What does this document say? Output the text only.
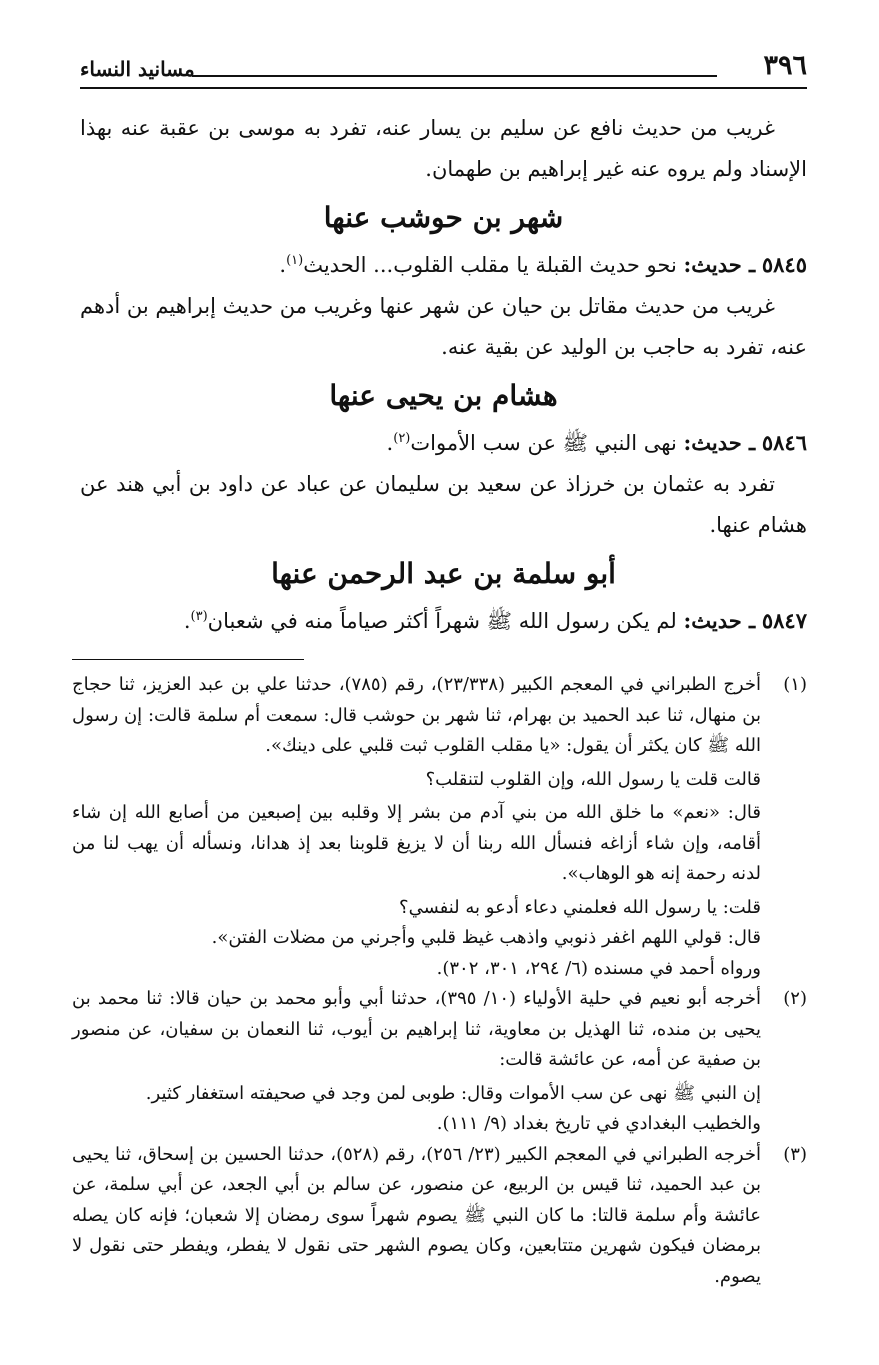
٣٩٦
مسانيد النساء

غريب من حديث نافع عن سليم بن يسار عنه، تفرد به موسى بن عقبة عنه بهذا الإسناد ولم يروه عنه غير إبراهيم بن طهمان.

شهر بن حوشب عنها

٥٨٤٥ ـ حديث: نحو حديث القبلة يا مقلب القلوب... الحديث$^{(١)}$.

غريب من حديث مقاتل بن حيان عن شهر عنها وغريب من حديث إبراهيم بن أدهم عنه، تفرد به حاجب بن الوليد عن بقية عنه.

هشام بن يحيى عنها

٥٨٤٦ ـ حديث: نهى النبي ﷺ عن سب الأموات$^{(٢)}$.

تفرد به عثمان بن خرزاذ عن سعيد بن سليمان عن عباد عن داود بن أبي هند عن هشام عنها.

أبو سلمة بن عبد الرحمن عنها

٥٨٤٧ ـ حديث: لم يكن رسول الله ﷺ شهراً أكثر صياماً منه في شعبان$^{(٣)}$.

(١)

أخرج الطبراني في المعجم الكبير (٢٣/٣٣٨)، رقم (٧٨٥)، حدثنا علي بن عبد العزيز، ثنا حجاج بن منهال، ثنا عبد الحميد بن بهرام، ثنا شهر بن حوشب قال: سمعت أم سلمة قالت: إن رسول الله ﷺ كان يكثر أن يقول: «يا مقلب القلوب ثبت قلبي على دينك».

قالت قلت يا رسول الله، وإن القلوب لتنقلب؟

قال: «نعم» ما خلق الله من بني آدم من بشر إلا وقلبه بين إصبعين من أصابع الله إن شاء أقامه، وإن شاء أزاغه فنسأل الله ربنا أن لا يزيغ قلوبنا بعد إذ هدانا، ونسأله أن يهب لنا من لدنه رحمة إنه هو الوهاب».

قلت: يا رسول الله فعلمني دعاء أدعو به لنفسي؟

قال: قولي اللهم اغفر ذنوبي واذهب غيظ قلبي وأجرني من مضلات الفتن».

ورواه أحمد في مسنده (٦/ ٢٩٤، ٣٠١، ٣٠٢).

(٢)

أخرجه أبو نعيم في حلية الأولياء (١٠/ ٣٩٥)، حدثنا أبي وأبو محمد بن حيان قالا: ثنا محمد بن يحيى بن منده، ثنا الهذيل بن معاوية، ثنا إبراهيم بن أيوب، ثنا النعمان بن سفيان، عن منصور بن صفية عن أمه، عن عائشة قالت:

إن النبي ﷺ نهى عن سب الأموات وقال: طوبى لمن وجد في صحيفته استغفار كثير.

والخطيب البغدادي في تاريخ بغداد (٩/ ١١١).

(٣)

أخرجه الطبراني في المعجم الكبير (٢٣/ ٢٥٦)، رقم (٥٢٨)، حدثنا الحسين بن إسحاق، ثنا يحيى بن عبد الحميد، ثنا قيس بن الربيع، عن منصور، عن سالم بن أبي الجعد، عن أبي سلمة، عن عائشة وأم سلمة قالتا: ما كان النبي ﷺ يصوم شهراً سوى رمضان إلا شعبان؛ فإنه كان يصله برمضان فيكون شهرين متتابعين، وكان يصوم الشهر حتى نقول لا يفطر، ويفطر حتى نقول لا يصوم.
